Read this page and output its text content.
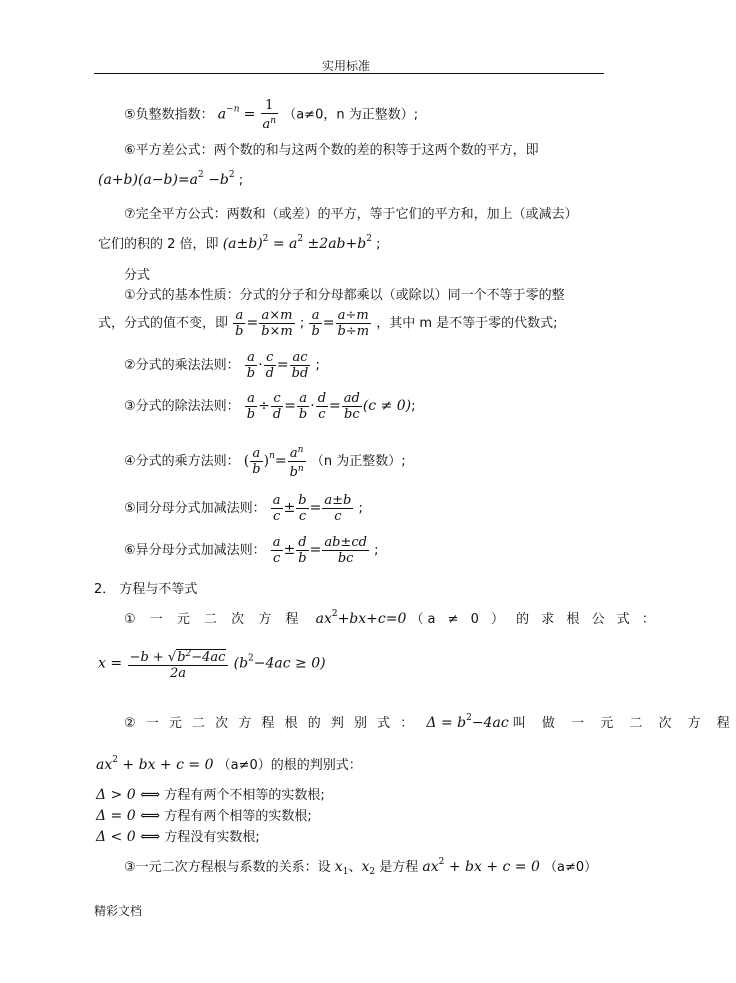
实用标准
⑤负整数指数： $a^{-n} = \frac{1}{a^n} (a\ne 0$，n 为正整数）;
⑥平方差公式：两个数的和与这两个数的差的积等于这两个数的平方，即
$(a+b)(a-b)=a^2 -b^2$ ;
⑦完全平方公式：两数和（或差）的平方，等于它们的平方和，加上（或减去）
它们的积的 2 倍，即 $(a\pm b)^2 = a^2 \pm 2ab+b^2$ ;
分式
①分式的基本性质：分式的分子和分母都乘以（或除以）同一个不等于零的整
式，分式的值不变，即 $\frac{a}{b} = \frac{a\times m}{b\times m}$ ; $\frac{a}{b} = \frac{a\div m}{b\div m}$ ，其中 m 是不等于零的代数式;
②分式的乘法法则： $\frac{a}{b} \cdot \frac{c}{d} = \frac{ac}{bd}$ ;
③分式的除法法则： $\frac{a}{b} \div \frac{c}{d} = \frac{a}{b} \cdot \frac{d}{c} = \frac{ad}{bc} (c \ne 0)$;
④分式的乘方法则： ( $\frac{a}{b} )^n= \frac{a^n}{b^n} (n$ 为正整数）;
⑤同分母分式加减法则： $\frac{a}{c} \pm \frac{b}{c} = \frac{a\pm b}{c}$ ;
⑥异分母分式加减法则： $\frac{a}{c} \pm \frac{d}{b} = \frac{ab\pm cd}{bc}$ ;
2． 方程与不等式
① 一 元 二 次 方 程 $ax^2+bx+c=0$ （a ≠ 0 ） 的 求 根 公 式 ：
$x = \frac{-b + √b^2-4ac}{2a} (b^2-4ac \ge 0)$
② 一 元 二 次 方 程 根 的 判 别 式 ： $\Delta = b^2-4ac$ 叫 做 一 元 二 次 方 程
$ax^2$ + bx + c = 0 （a≠0）的根的判别式：
Δ > 0 ⟺ 方程有两个不相等的实数根;
Δ = 0 ⟺ 方程有两个相等的实数根;
Δ < 0 ⟺ 方程没有实数根;
③一元二次方程根与系数的关系：设 $x_1$、$x_2$ 是方程 $ax^2$ + bx + c = 0 （a≠0）
精彩文档
